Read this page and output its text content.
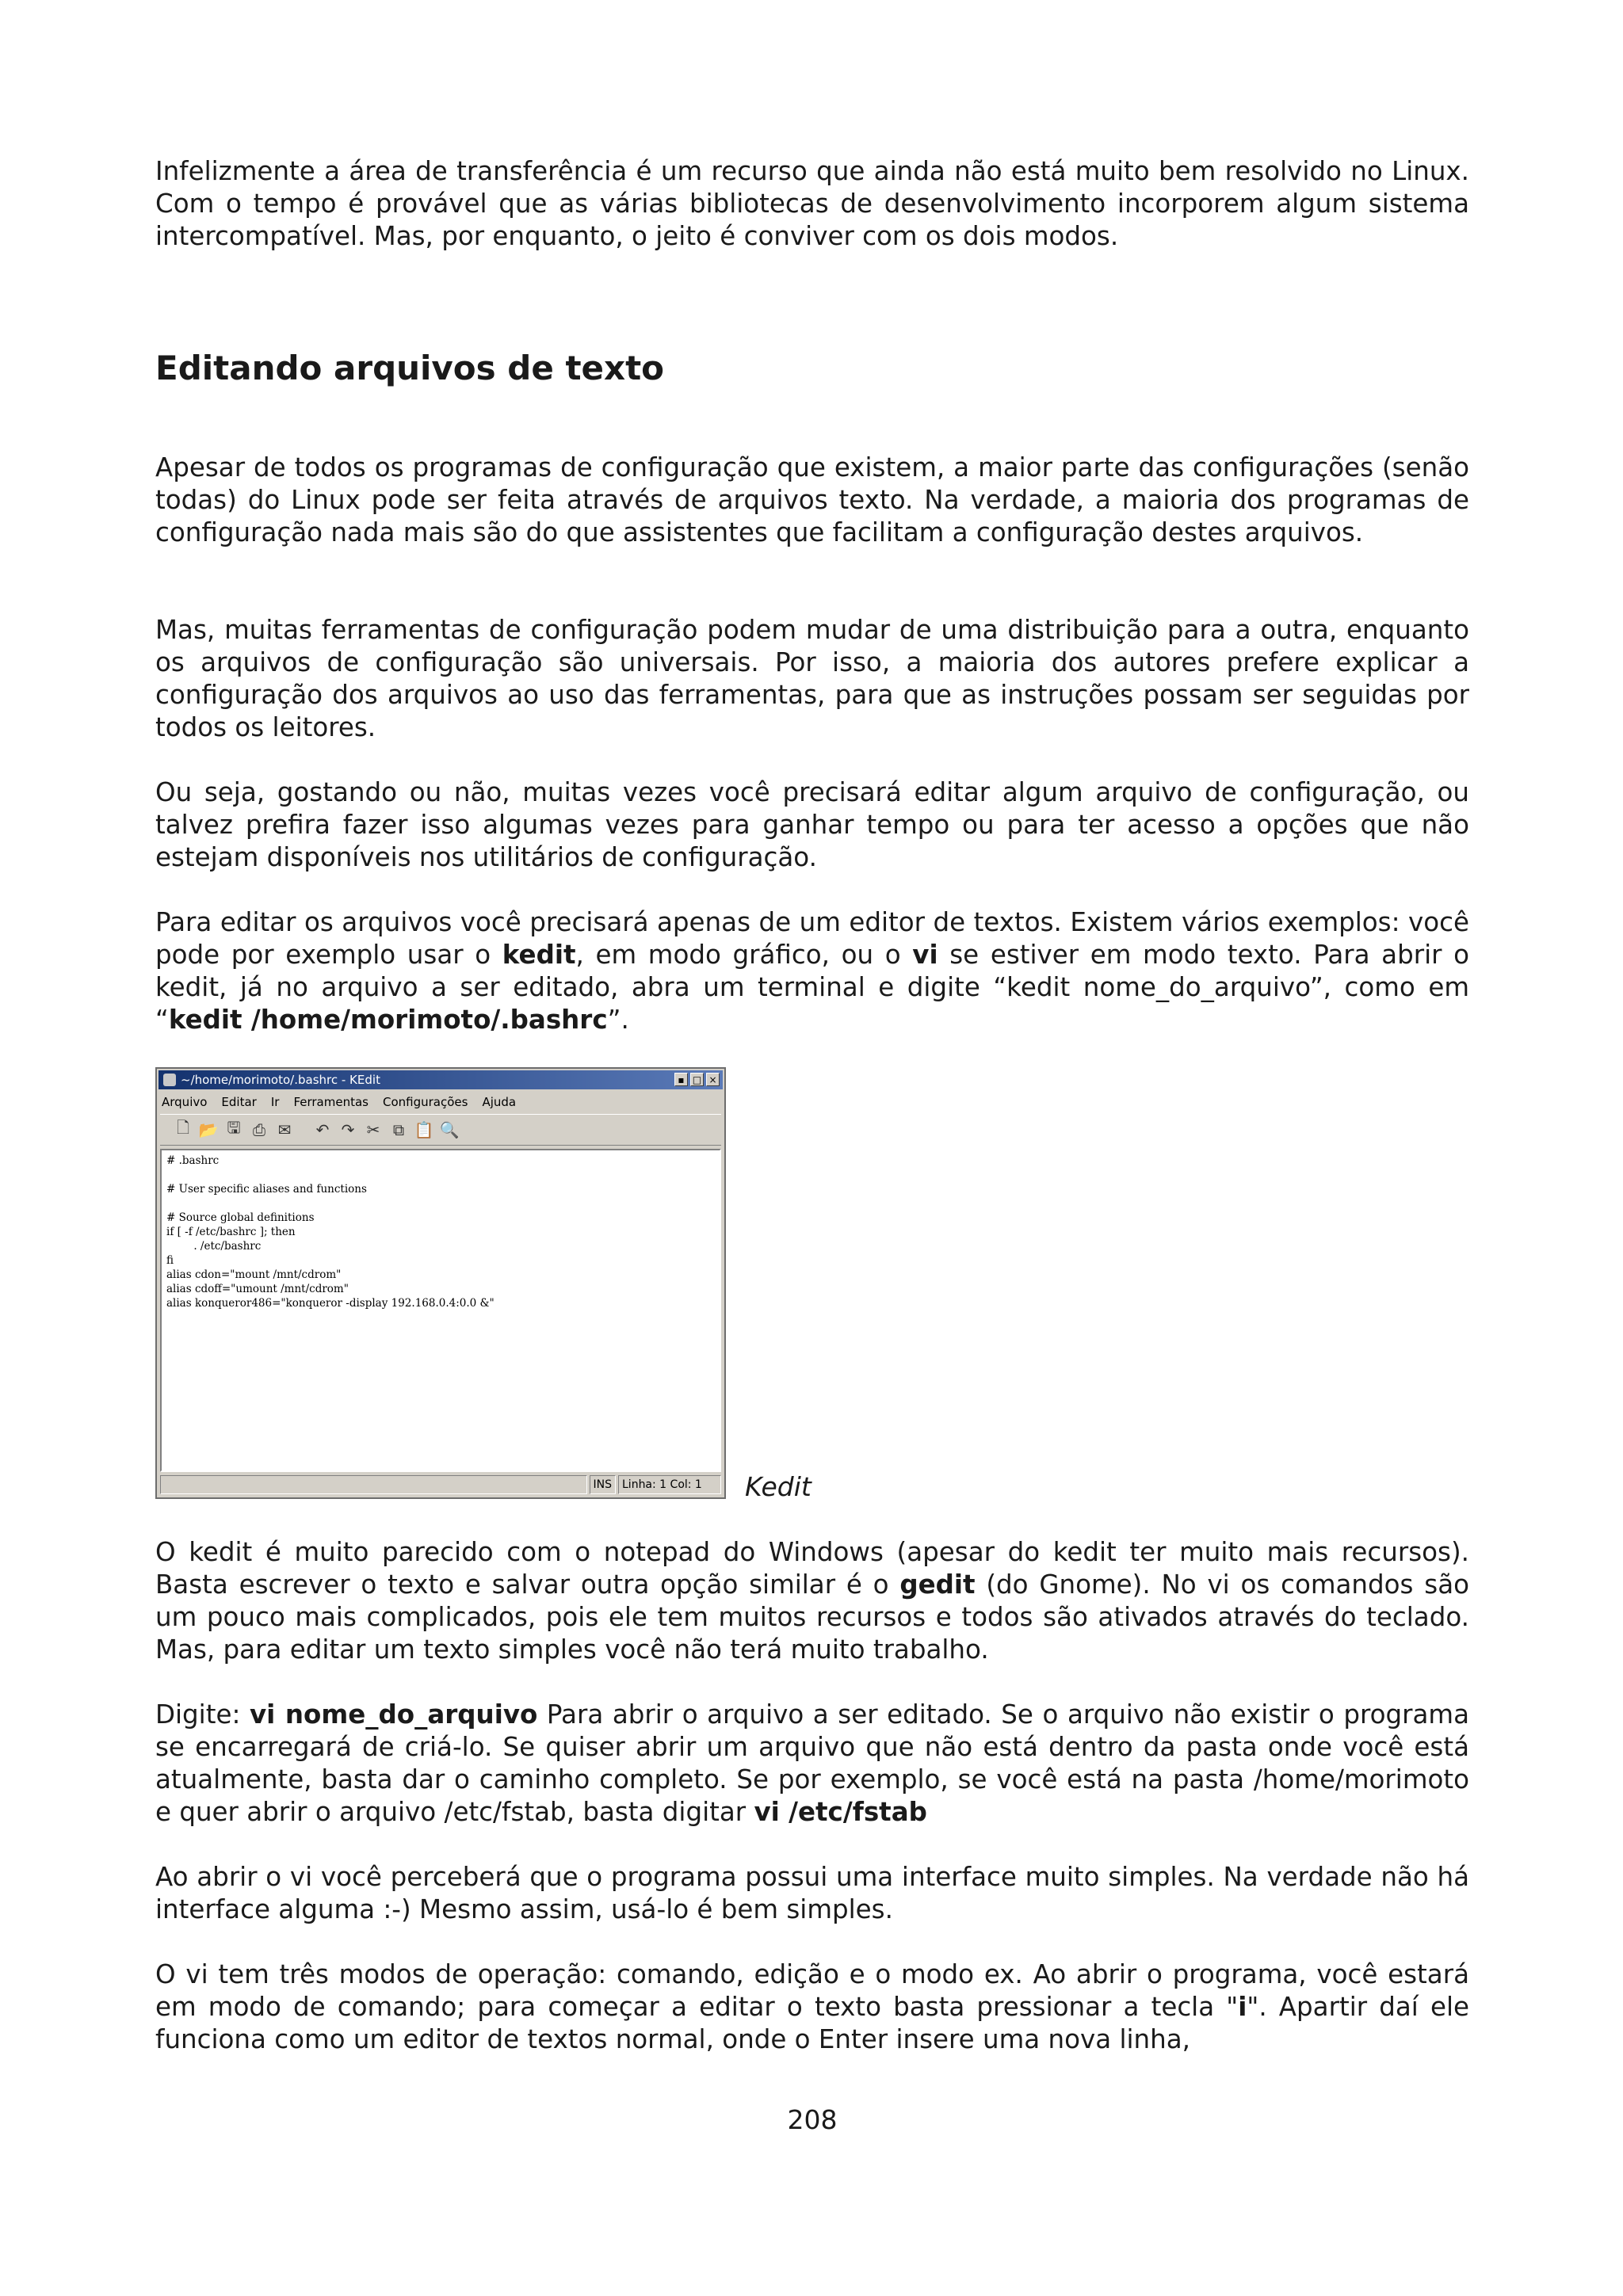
Infelizmente a área de transferência é um recurso que ainda não está muito bem resolvido no Linux. Com o tempo é provável que as várias bibliotecas de desenvolvimento incorporem algum sistema intercompatível. Mas, por enquanto, o jeito é conviver com os dois modos.

Editando arquivos de texto

Apesar de todos os programas de configuração que existem, a maior parte das configurações (senão todas) do Linux pode ser feita através de arquivos texto. Na verdade, a maioria dos programas de configuração nada mais são do que assistentes que facilitam a configuração destes arquivos.

Mas, muitas ferramentas de configuração podem mudar de uma distribuição para a outra, enquanto os arquivos de configuração são universais. Por isso, a maioria dos autores prefere explicar a configuração dos arquivos ao uso das ferramentas, para que as instruções possam ser seguidas por todos os leitores.

Ou seja, gostando ou não, muitas vezes você precisará editar algum arquivo de configuração, ou talvez prefira fazer isso algumas vezes para ganhar tempo ou para ter acesso a opções que não estejam disponíveis nos utilitários de configuração.

Para editar os arquivos você precisará apenas de um editor de textos. Existem vários exemplos: você pode por exemplo usar o kedit, em modo gráfico, ou o vi se estiver em modo texto. Para abrir o kedit, já no arquivo a ser editado, abra um terminal e digite “kedit nome_do_arquivo”, como em “kedit /home/morimoto/.bashrc”.

~/home/morimoto/.bashrc - KEdit	▪ □ ×
Arquivo Editar Ir Ferramentas Configurações Ajuda
🗋 📂 🖫 ⎙ ✉ ↶ ↷ ✂ ⧉ 📋 🔍
# .bashrc

# User specific aliases and functions

# Source global definitions
if [ -f /etc/bashrc ]; then
. /etc/bashrc
fi
alias cdon="mount /mnt/cdrom"
alias cdoff="umount /mnt/cdrom"
alias konqueror486="konqueror -display 192.168.0.4:0.0 &"
INS Linha: 1 Col: 1	Kedit

O kedit é muito parecido com o notepad do Windows (apesar do kedit ter muito mais recursos). Basta escrever o texto e salvar outra opção similar é o gedit (do Gnome). No vi os comandos são um pouco mais complicados, pois ele tem muitos recursos e todos são ativados através do teclado. Mas, para editar um texto simples você não terá muito trabalho.

Digite: vi nome_do_arquivo Para abrir o arquivo a ser editado. Se o arquivo não existir o programa se encarregará de criá-lo. Se quiser abrir um arquivo que não está dentro da pasta onde você está atualmente, basta dar o caminho completo. Se por exemplo, se você está na pasta /home/morimoto e quer abrir o arquivo /etc/fstab, basta digitar vi /etc/fstab

Ao abrir o vi você perceberá que o programa possui uma interface muito simples. Na verdade não há interface alguma :-) Mesmo assim, usá-lo é bem simples.

O vi tem três modos de operação: comando, edição e o modo ex. Ao abrir o programa, você estará em modo de comando; para começar a editar o texto basta pressionar a tecla "i". Apartir daí ele funciona como um editor de textos normal, onde o Enter insere uma nova linha,

208
